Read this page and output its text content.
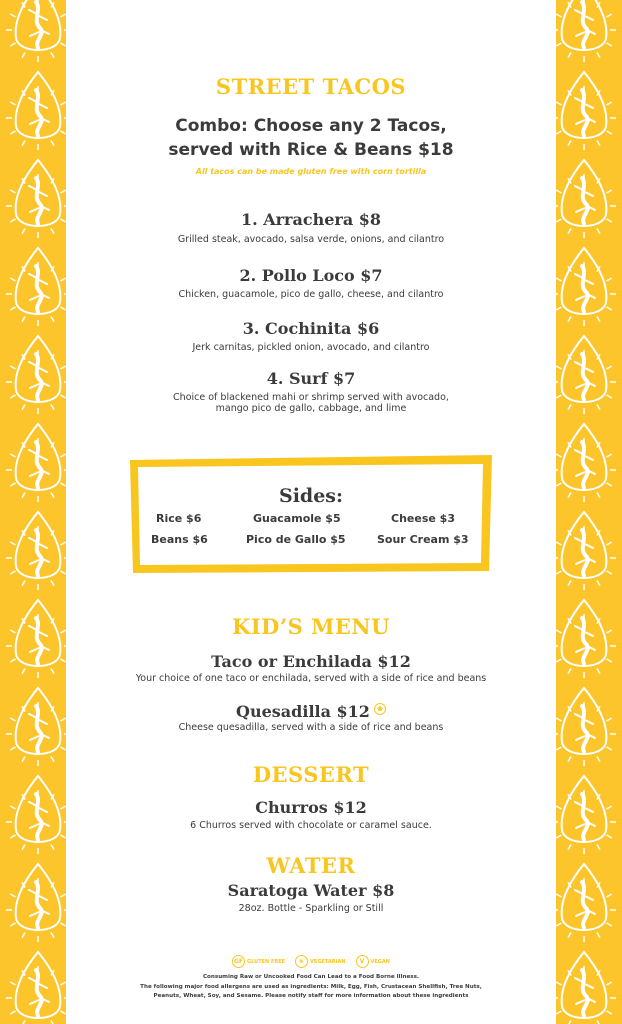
STREET TACOS
Combo: Choose any 2 Tacos,
served with Rice & Beans $18
All tacos can be made gluten free with corn tortilla
1. Arrachera $8
Grilled steak, avocado, salsa verde, onions, and cilantro
2. Pollo Loco $7
Chicken, guacamole, pico de gallo, cheese, and cilantro
3. Cochinita $6
Jerk carnitas, pickled onion, avocado, and cilantro
4. Surf $7
Choice of blackened mahi or shrimp served with avocado,
mango pico de gallo, cabbage, and lime
Sides:
Rice $6	Guacamole $5	Cheese $3
Beans $6	Pico de Gallo $5	Sour Cream $3
KID’S MENU
Taco or Enchilada $12
Your choice of one taco or enchilada, served with a side of rice and beans
Quesadilla $12 ❀
Cheese quesadilla, served with a side of rice and beans
DESSERT
Churros $12
6 Churros served with chocolate or caramel sauce.
WATER
Saratoga Water $8
28oz. Bottle - Sparkling or Still
GF GLUTEN FREE	❀	VEGETARIAN	V	VEGAN
Consuming Raw or Uncooked Food Can Lead to a Food Borne Illness.
The following major food allergens are used as ingredients: Milk, Egg, Fish, Crustacean Shellfish, Tree Nuts,
Peanuts, Wheat, Soy, and Sesame. Please notify staff for more information about these ingredients
